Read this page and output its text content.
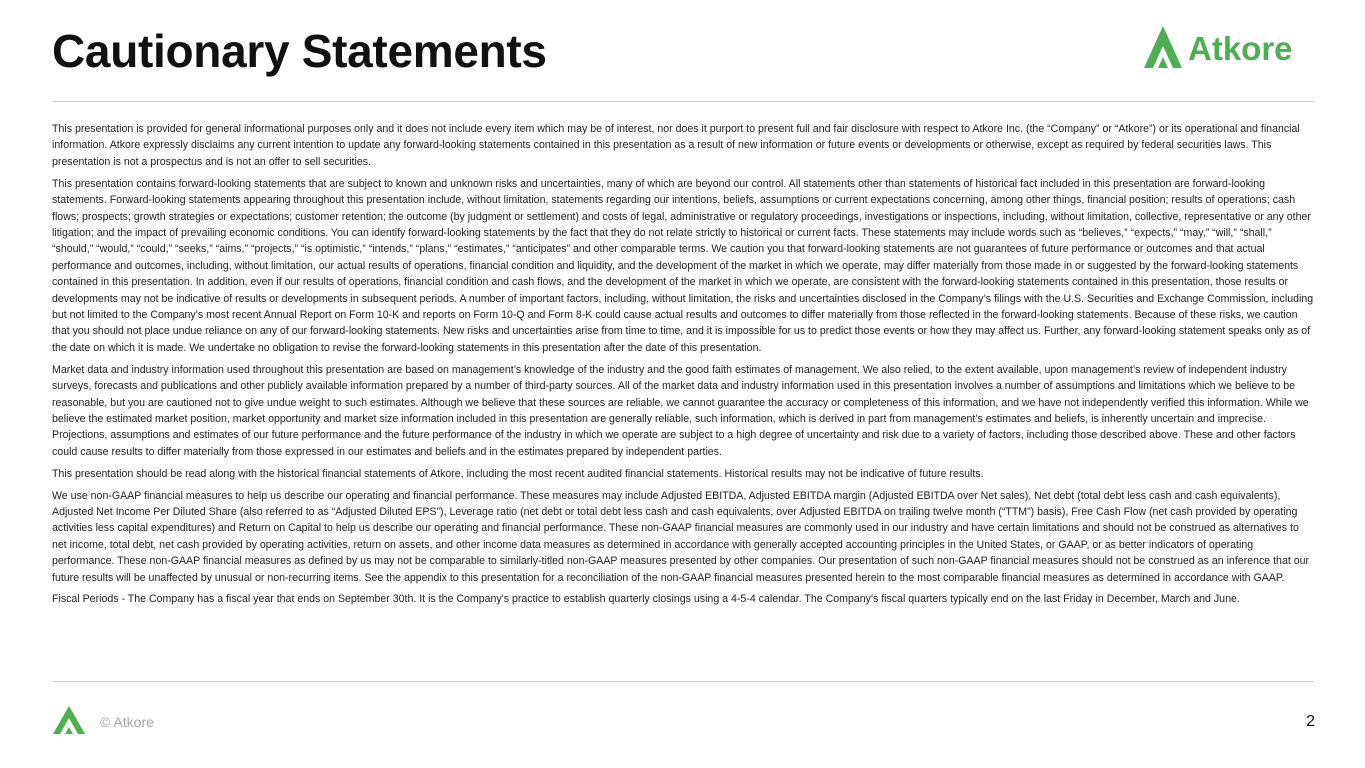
Cautionary Statements	Atkore

This presentation is provided for general informational purposes only and it does not include every item which may be of interest, nor does it purport to present full and fair disclosure with respect to Atkore Inc. (the “Company” or “Atkore”) or its operational and financial information. Atkore expressly disclaims any current intention to update any forward-looking statements contained in this presentation as a result of new information or future events or developments or otherwise, except as required by federal securities laws. This presentation is not a prospectus and is not an offer to sell securities.

This presentation contains forward-looking statements that are subject to known and unknown risks and uncertainties, many of which are beyond our control. All statements other than statements of historical fact included in this presentation are forward-looking statements. Forward-looking statements appearing throughout this presentation include, without limitation, statements regarding our intentions, beliefs, assumptions or current expectations concerning, among other things, financial position; results of operations; cash flows; prospects; growth strategies or expectations; customer retention; the outcome (by judgment or settlement) and costs of legal, administrative or regulatory proceedings, investigations or inspections, including, without limitation, collective, representative or any other litigation; and the impact of prevailing economic conditions. You can identify forward-looking statements by the fact that they do not relate strictly to historical or current facts. These statements may include words such as “believes,” “expects,” “may,” “will,” “shall,” “should,” “would,” “could,” “seeks,” “aims,” “projects,” “is optimistic,” “intends,” “plans,” “estimates,” “anticipates” and other comparable terms. We caution you that forward-looking statements are not guarantees of future performance or outcomes and that actual performance and outcomes, including, without limitation, our actual results of operations, financial condition and liquidity, and the development of the market in which we operate, may differ materially from those made in or suggested by the forward-looking statements contained in this presentation. In addition, even if our results of operations, financial condition and cash flows, and the development of the market in which we operate, are consistent with the forward-looking statements contained in this presentation, those results or developments may not be indicative of results or developments in subsequent periods. A number of important factors, including, without limitation, the risks and uncertainties disclosed in the Company’s filings with the U.S. Securities and Exchange Commission, including but not limited to the Company’s most recent Annual Report on Form 10-K and reports on Form 10-Q and Form 8-K could cause actual results and outcomes to differ materially from those reflected in the forward-looking statements. Because of these risks, we caution that you should not place undue reliance on any of our forward-looking statements. New risks and uncertainties arise from time to time, and it is impossible for us to predict those events or how they may affect us. Further, any forward-looking statement speaks only as of the date on which it is made. We undertake no obligation to revise the forward-looking statements in this presentation after the date of this presentation.

Market data and industry information used throughout this presentation are based on management’s knowledge of the industry and the good faith estimates of management. We also relied, to the extent available, upon management’s review of independent industry surveys, forecasts and publications and other publicly available information prepared by a number of third-party sources. All of the market data and industry information used in this presentation involves a number of assumptions and limitations which we believe to be reasonable, but you are cautioned not to give undue weight to such estimates. Although we believe that these sources are reliable, we cannot guarantee the accuracy or completeness of this information, and we have not independently verified this information. While we believe the estimated market position, market opportunity and market size information included in this presentation are generally reliable, such information, which is derived in part from management’s estimates and beliefs, is inherently uncertain and imprecise. Projections, assumptions and estimates of our future performance and the future performance of the industry in which we operate are subject to a high degree of uncertainty and risk due to a variety of factors, including those described above. These and other factors could cause results to differ materially from those expressed in our estimates and beliefs and in the estimates prepared by independent parties.

This presentation should be read along with the historical financial statements of Atkore, including the most recent audited financial statements. Historical results may not be indicative of future results.

We use non-GAAP financial measures to help us describe our operating and financial performance. These measures may include Adjusted EBITDA, Adjusted EBITDA margin (Adjusted EBITDA over Net sales), Net debt (total debt less cash and cash equivalents), Adjusted Net Income Per Diluted Share (also referred to as “Adjusted Diluted EPS”), Leverage ratio (net debt or total debt less cash and cash equivalents, over Adjusted EBITDA on trailing twelve month (“TTM”) basis), Free Cash Flow (net cash provided by operating activities less capital expenditures) and Return on Capital to help us describe our operating and financial performance. These non-GAAP financial measures are commonly used in our industry and have certain limitations and should not be construed as alternatives to net income, total debt, net cash provided by operating activities, return on assets, and other income data measures as determined in accordance with generally accepted accounting principles in the United States, or GAAP, or as better indicators of operating performance. These non-GAAP financial measures as defined by us may not be comparable to similarly-titled non-GAAP measures presented by other companies. Our presentation of such non-GAAP financial measures should not be construed as an inference that our future results will be unaffected by unusual or non-recurring items. See the appendix to this presentation for a reconciliation of the non-GAAP financial measures presented herein to the most comparable financial measures as determined in accordance with GAAP.

Fiscal Periods - The Company has a fiscal year that ends on September 30th. It is the Company's practice to establish quarterly closings using a 4-5-4 calendar. The Company's fiscal quarters typically end on the last Friday in December, March and June.

© Atkore	2
